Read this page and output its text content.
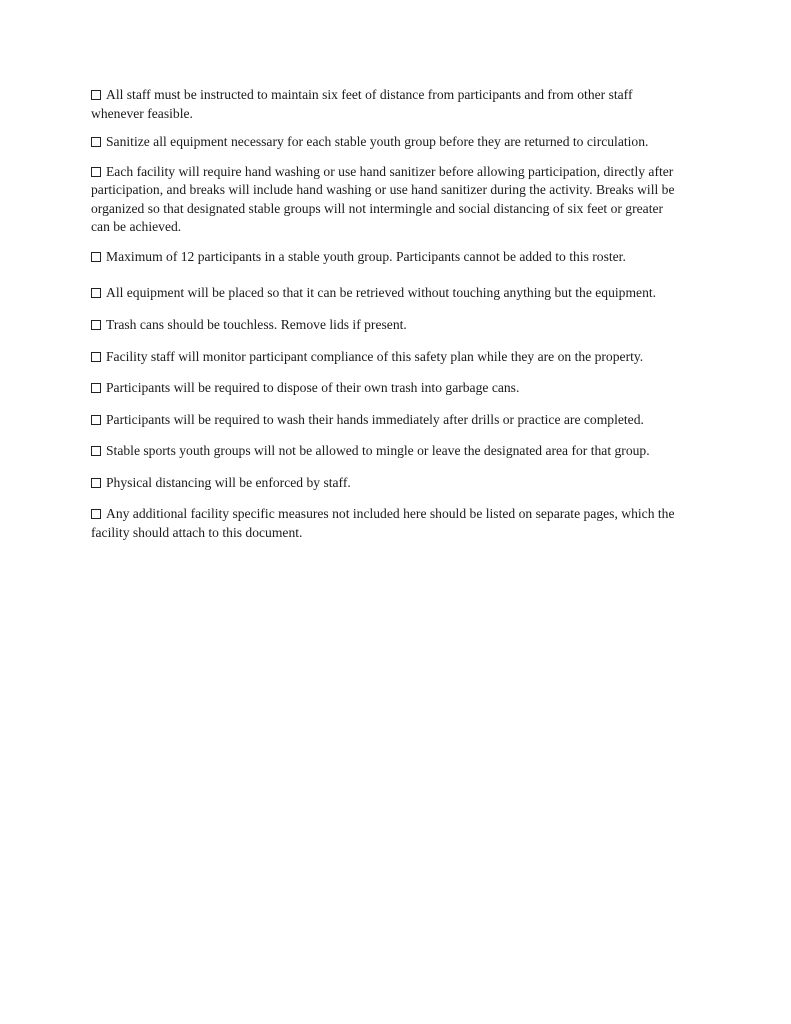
All staff must be instructed to maintain six feet of distance from participants and from other staff whenever feasible.
Sanitize all equipment necessary for each stable youth group before they are returned to circulation.
Each facility will require hand washing or use hand sanitizer before allowing participation, directly after participation, and breaks will include hand washing or use hand sanitizer during the activity. Breaks will be organized so that designated stable groups will not intermingle and social distancing of six feet or greater can be achieved.
Maximum of 12 participants in a stable youth group. Participants cannot be added to this roster.
All equipment will be placed so that it can be retrieved without touching anything but the equipment.
Trash cans should be touchless. Remove lids if present.
Facility staff will monitor participant compliance of this safety plan while they are on the property.
Participants will be required to dispose of their own trash into garbage cans.
Participants will be required to wash their hands immediately after drills or practice are completed.
Stable sports youth groups will not be allowed to mingle or leave the designated area for that group.
Physical distancing will be enforced by staff.
Any additional facility specific measures not included here should be listed on separate pages, which the facility should attach to this document.
